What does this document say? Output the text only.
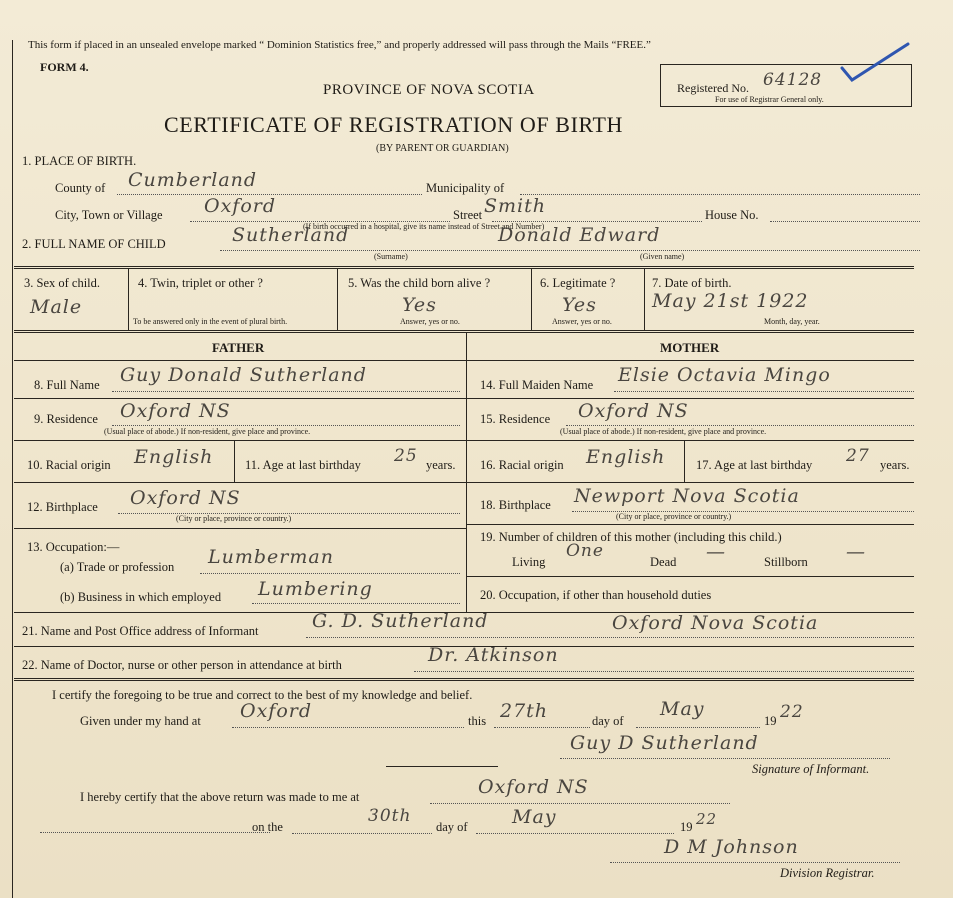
This form if placed in an unsealed envelope marked “ Dominion Statistics free,” and properly addressed will pass through the Mails “FREE.”
FORM 4.
PROVINCE OF NOVA SCOTIA
CERTIFICATE OF REGISTRATION OF BIRTH
(BY PARENT OR GUARDIAN)
Registered No. 64128
For use of Registrar General only.
1. PLACE OF BIRTH.
County of Cumberland	Municipality of
City, Town or Village Oxford	Street Smith	House No.
(If birth occurred in a hospital, give its name instead of Street and Number)
2. FULL NAME OF CHILD	Sutherland	Donald Edward
(Surname)	(Given name)
3. Sex of child.
Male
4. Twin, triplet or other ?
To be answered only in the event of plural birth.
5. Was the child born alive ?
Yes
Answer, yes or no.
6. Legitimate ?
Yes
Answer, yes or no.
7. Date of birth.
May 21st 1922
Month, day, year.
FATHER	MOTHER
8. Full Name Guy Donald Sutherland
9. Residence Oxford NS
(Usual place of abode.) If non-resident, give place and province.
10. Racial origin English	11. Age at last birthday 25 years.
12. Birthplace Oxford NS
(City or place, province or country.)
13. Occupation:—
(a) Trade or profession Lumberman
(b) Business in which employed Lumbering
14. Full Maiden Name Elsie Octavia Mingo
15. Residence Oxford NS
(Usual place of abode.) If non-resident, give place and province.
16. Racial origin English 17. Age at last birthday 27 years.
18. Birthplace Newport Nova Scotia
(City or place, province or country.)
19. Number of children of this mother (including this child.)
Living
One
Dead —	Stillborn —
20. Occupation, if other than household duties
21. Name and Post Office address of Informant	G. D. Sutherland	Oxford Nova Scotia
22. Name of Doctor, nurse or other person in attendance at birth	Dr. Atkinson
I certify the foregoing to be true and correct to the best of my knowledge and belief.
Given under my hand at Oxford	this 27th	day of
May
19 22
Guy D Sutherland
Signature of Informant.
I hereby certify that the above return was made to me at	Oxford NS
on the
30th
day of May	19 22
D M Johnson
Division Registrar.
